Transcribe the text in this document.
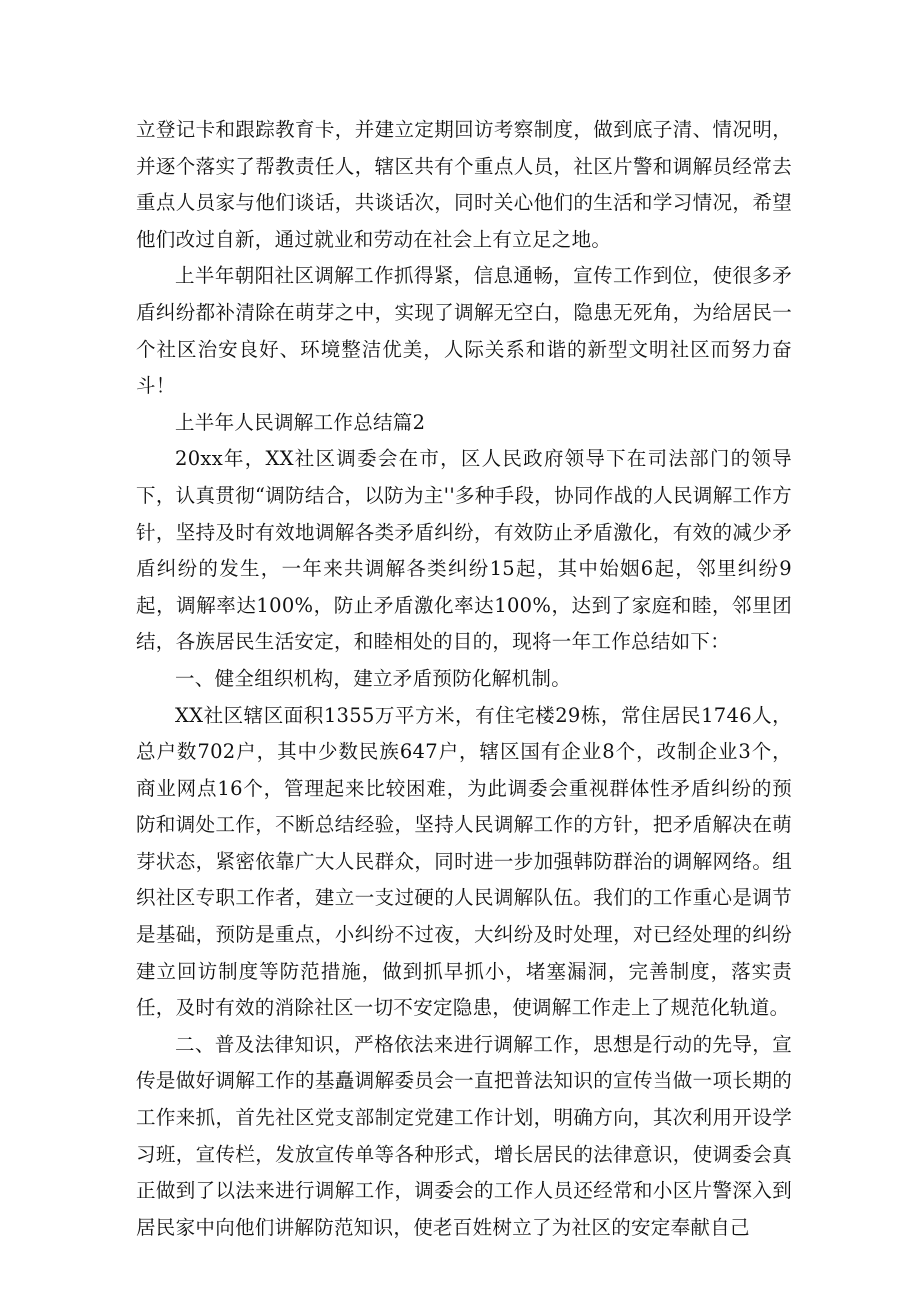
立登记卡和跟踪教育卡，并建立定期回访考察制度，做到底子清、情况明，并逐个落实了帮教责任人，辖区共有个重点人员，社区片警和调解员经常去重点人员家与他们谈话，共谈话次，同时关心他们的生活和学习情况，希望他们改过自新，通过就业和劳动在社会上有立足之地。

上半年朝阳社区调解工作抓得紧，信息通畅，宣传工作到位，使很多矛盾纠纷都补清除在萌芽之中，实现了调解无空白，隐患无死角，为给居民一个社区治安良好、环境整洁优美，人际关系和谐的新型文明社区而努力奋斗！

上半年人民调解工作总结篇2

20xx年，XX社区调委会在市，区人民政府领导下在司法部门的领导下，认真贯彻“调防结合，以防为主''多种手段，协同作战的人民调解工作方针，坚持及时有效地调解各类矛盾纠纷，有效防止矛盾激化，有效的减少矛盾纠纷的发生，一年来共调解各类纠纷15起，其中始姻6起，邻里纠纷9起，调解率达100%，防止矛盾激化率达100%，达到了家庭和睦，邻里团结，各族居民生活安定，和睦相处的目的，现将一年工作总结如下：

一、健全组织机构，建立矛盾预防化解机制。

XX社区辖区面积1355万平方米，有住宅楼29栋，常住居民1746人，总户数702户，其中少数民族647户，辖区国有企业8个，改制企业3个，商业网点16个，管理起来比较困难，为此调委会重视群体性矛盾纠纷的预防和调处工作，不断总结经验，坚持人民调解工作的方针，把矛盾解决在萌芽状态，紧密依靠广大人民群众，同时进一步加强韩防群治的调解网络。组织社区专职工作者，建立一支过硬的人民调解队伍。我们的工作重心是调节是基础，预防是重点，小纠纷不过夜，大纠纷及时处理，对已经处理的纠纷建立回访制度等防范措施，做到抓早抓小，堵塞漏洞，完善制度，落实责任，及时有效的消除社区一切不安定隐患，使调解工作走上了规范化轨道。

二、普及法律知识，严格依法来进行调解工作，思想是行动的先导，宣传是做好调解工作的基矗调解委员会一直把普法知识的宣传当做一项长期的工作来抓，首先社区党支部制定党建工作计划，明确方向，其次利用开设学习班，宣传栏，发放宣传单等各种形式，增长居民的法律意识，使调委会真正做到了以法来进行调解工作，调委会的工作人员还经常和小区片警深入到居民家中向他们讲解防范知识，使老百姓树立了为社区的安定奉献自己
